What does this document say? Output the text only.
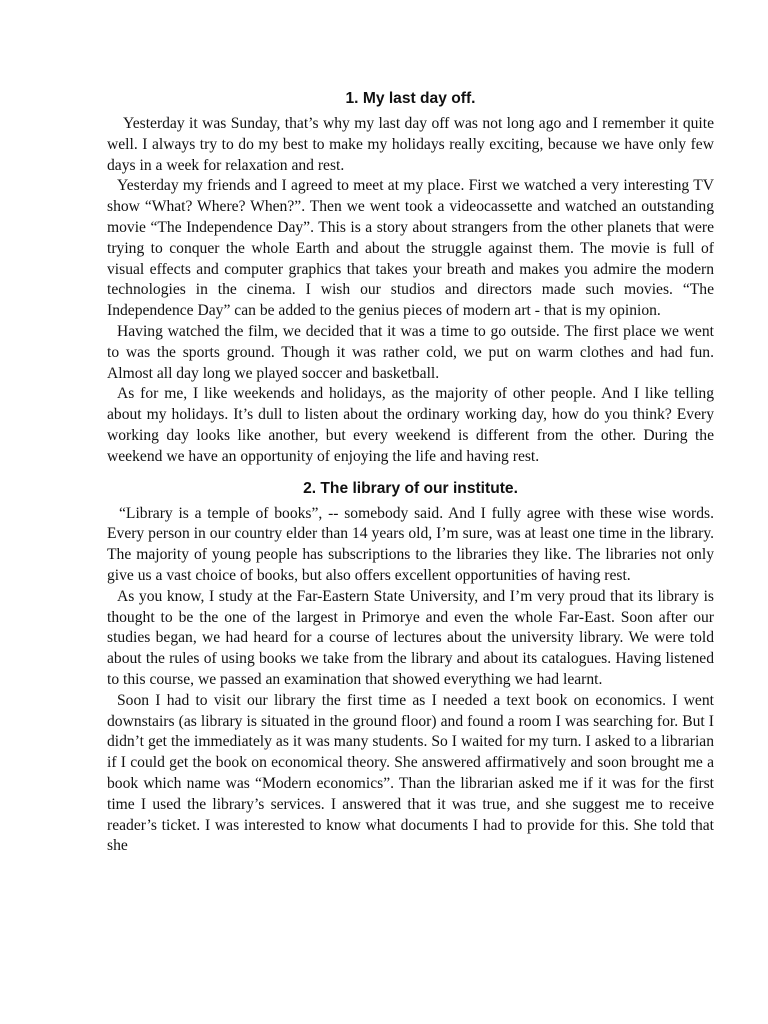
1. My last day off.

Yesterday it was Sunday, that’s why my last day off was not long ago and I remember it quite well. I always try to do my best to make my holidays really exciting, because we have only few days in a week for relaxation and rest.

Yesterday my friends and I agreed to meet at my place. First we watched a very interesting TV show “What? Where? When?”. Then we went took a videocassette and watched an outstanding movie “The Independence Day”. This is a story about strangers from the other planets that were trying to conquer the whole Earth and about the struggle against them. The movie is full of visual effects and computer graphics that takes your breath and makes you admire the modern technologies in the cinema. I wish our studios and directors made such movies. “The Independence Day” can be added to the genius pieces of modern art - that is my opinion.

Having watched the film, we decided that it was a time to go outside. The first place we went to was the sports ground. Though it was rather cold, we put on warm clothes and had fun. Almost all day long we played soccer and basketball.

As for me, I like weekends and holidays, as the majority of other people. And I like telling about my holidays. It’s dull to listen about the ordinary working day, how do you think? Every working day looks like another, but every weekend is different from the other. During the weekend we have an opportunity of enjoying the life and having rest.

2. The library of our institute.

“Library is a temple of books”, -- somebody said. And I fully agree with these wise words. Every person in our country elder than 14 years old, I’m sure, was at least one time in the library. The majority of young people has subscriptions to the libraries they like. The libraries not only give us a vast choice of books, but also offers excellent opportunities of having rest.

As you know, I study at the Far-Eastern State University, and I’m very proud that its library is thought to be the one of the largest in Primorye and even the whole Far-East. Soon after our studies began, we had heard for a course of lectures about the university library. We were told about the rules of using books we take from the library and about its catalogues. Having listened to this course, we passed an examination that showed everything we had learnt.

Soon I had to visit our library the first time as I needed a text book on economics. I went downstairs (as library is situated in the ground floor) and found a room I was searching for. But I didn’t get the immediately as it was many students. So I waited for my turn. I asked to a librarian if I could get the book on economical theory. She answered affirmatively and soon brought me a book which name was “Modern economics”. Than the librarian asked me if it was for the first time I used the library’s services. I answered that it was true, and she suggest me to receive reader’s ticket. I was interested to know what documents I had to provide for this. She told that she
